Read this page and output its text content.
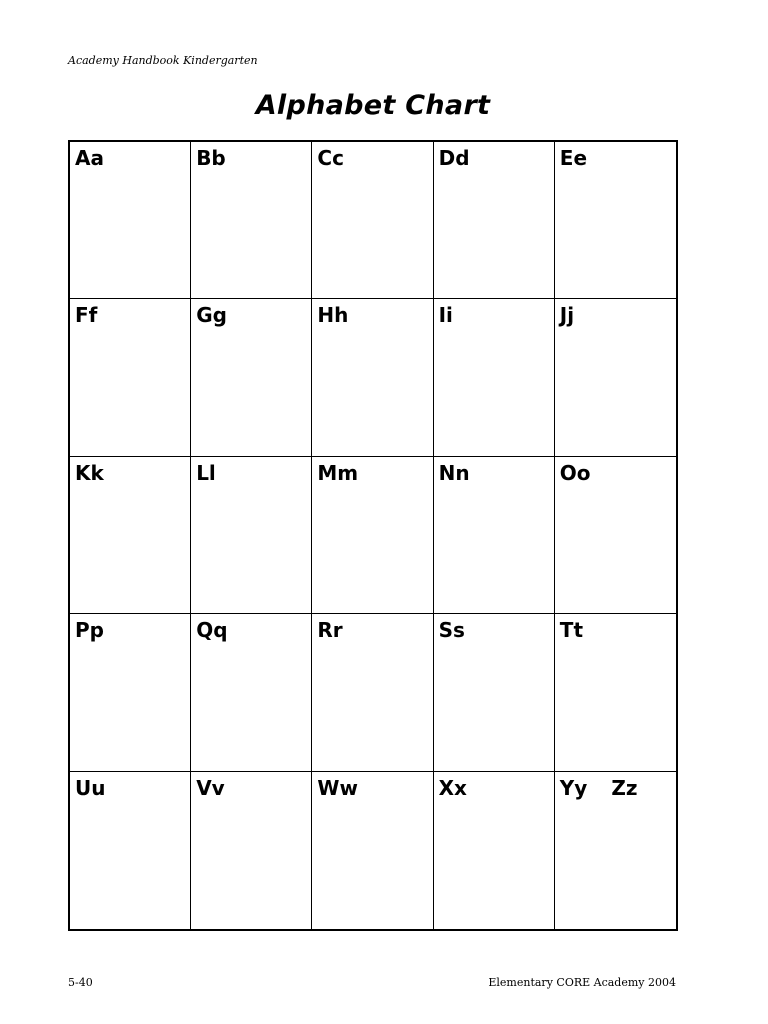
Academy Handbook Kindergarten
Alphabet Chart
Aa	Bb	Cc	Dd	Ee
Ff	Gg	Hh	Ii	Jj
Kk	Ll	Mm	Nn	Oo
Pp	Qq	Rr	Ss	Tt
Uu	Vv	Ww	Xx	Yy Zz
5-40	Elementary CORE Academy 2004
